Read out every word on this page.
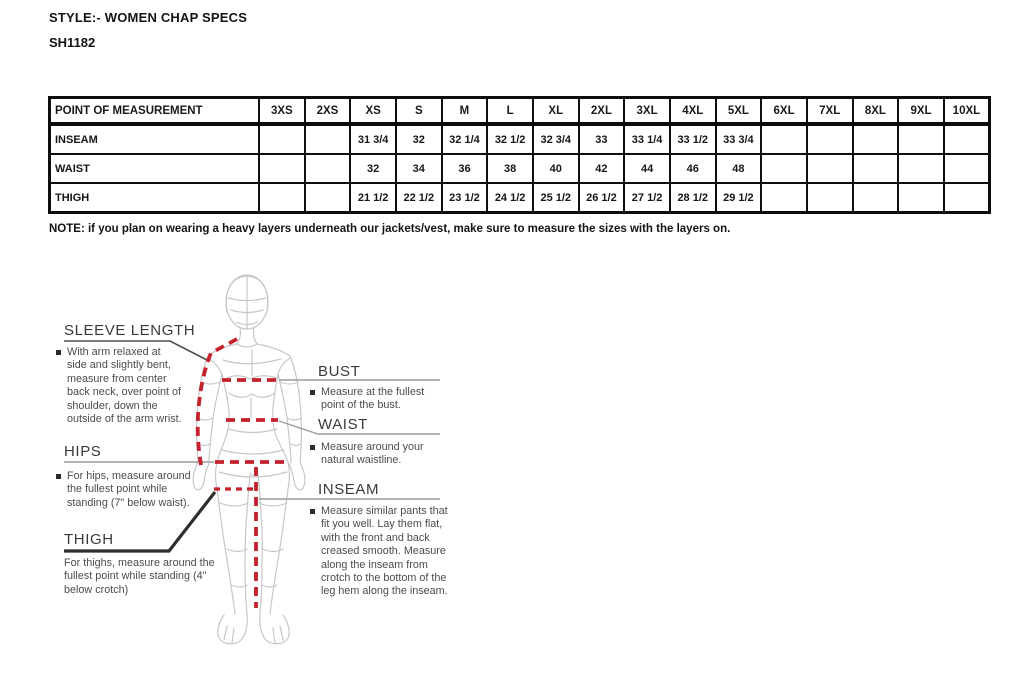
STYLE:- WOMEN CHAP SPECS
SH1182
POINT OF MEASUREMENT	3XS	2XS	XS	S	M	L	XL	2XL	3XL	4XL	5XL	6XL	7XL	8XL	9XL	10XL
INSEAM			31 3/4	32	32 1/4	32 1/2	32 3/4	33	33 1/4	33 1/2	33 3/4					
WAIST			32	34	36	38	40	42	44	46	48					
THIGH			21 1/2	22 1/2	23 1/2	24 1/2	25 1/2	26 1/2	27 1/2	28 1/2	29 1/2					
NOTE: if you plan on wearing a heavy layers underneath our jackets/vest, make sure to measure the sizes with the layers on.
SLEEVE LENGTH
With arm relaxed at side and slightly bent, measure from center back neck, over point of shoulder, down the outside of the arm wrist.
HIPS
For hips, measure around the fullest point while standing (7" below waist).
THIGH
For thighs, measure around the fullest point while standing (4" below crotch)
BUST
Measure at the fullest point of the bust.
WAIST
Measure around your natural waistline.
INSEAM
Measure similar pants that fit you well. Lay them flat, with the front and back creased smooth. Measure along the inseam from crotch to the bottom of the leg hem along the inseam.
